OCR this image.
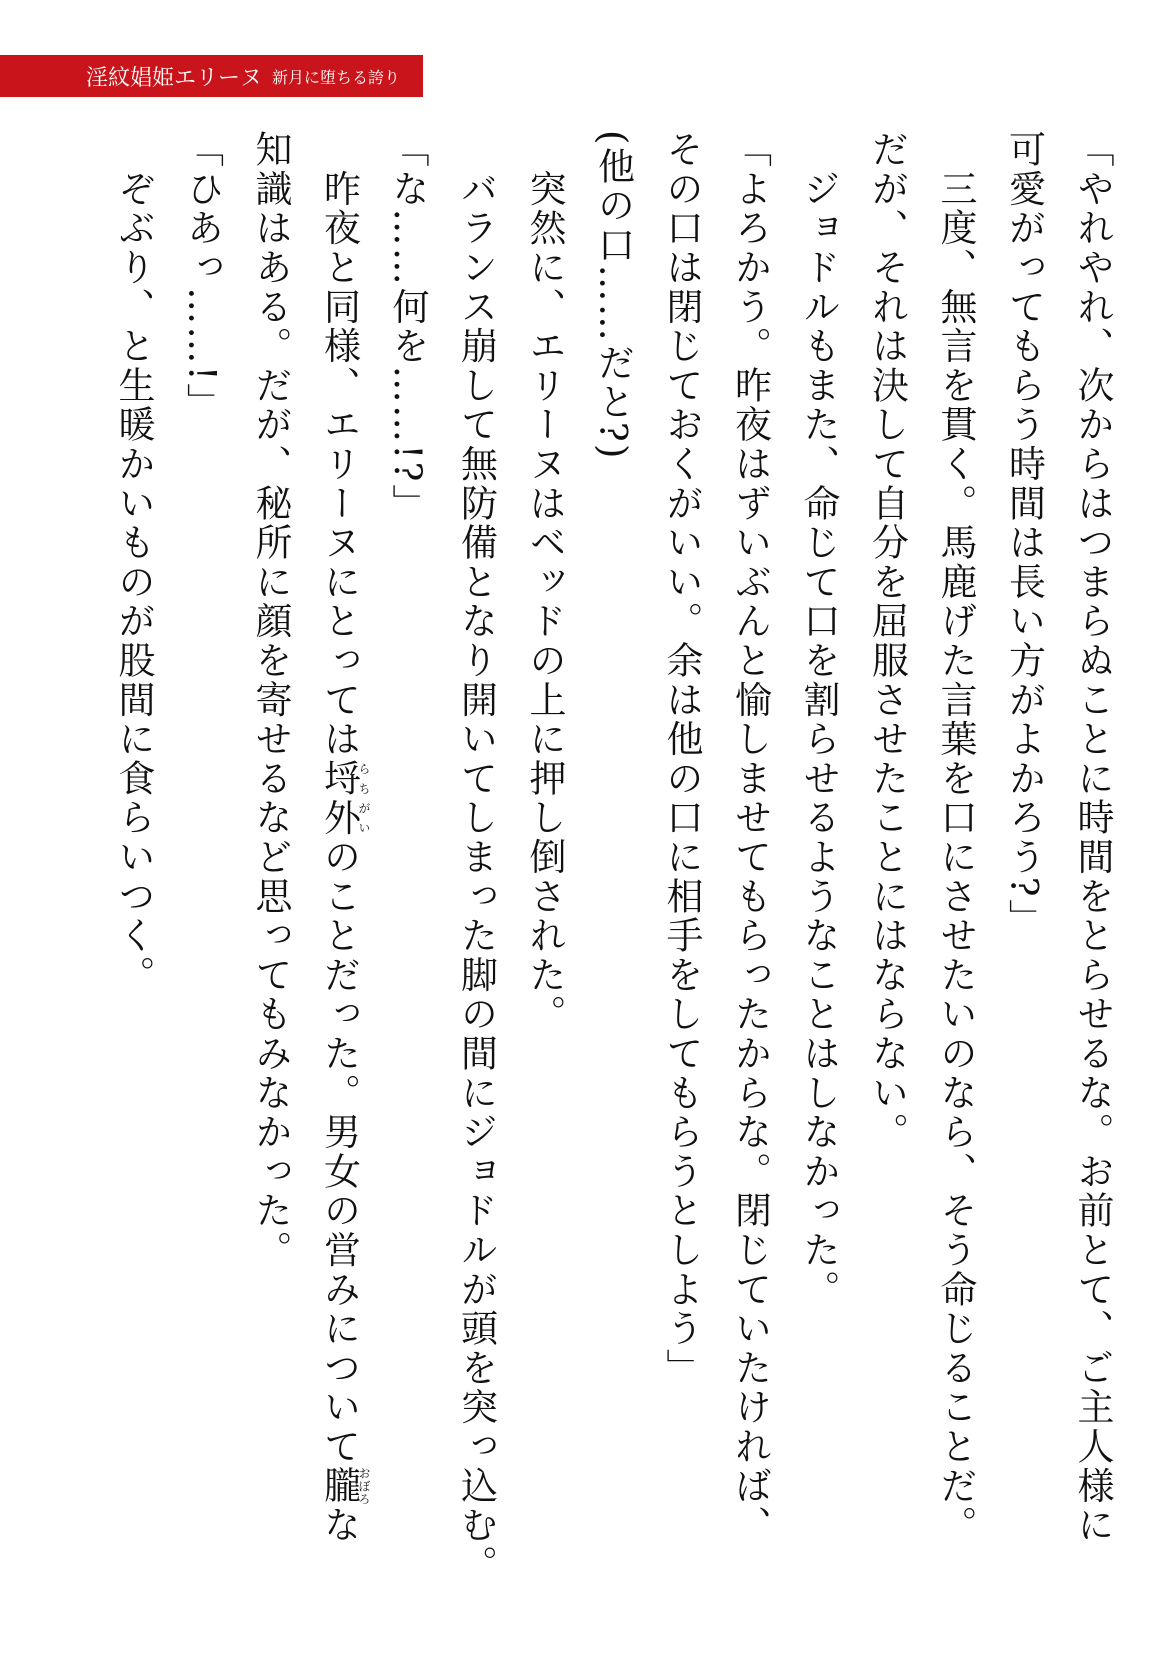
淫紋娼姫エリーヌ 新月に堕ちる誇り

「やれやれ、次からはつまらぬことに時間をとらせるな。お前とて、ご主人様に

可愛がってもらう時間は長い方がよかろう?」

　三度、無言を貫く。馬鹿げた言葉を口にさせたいのなら、そう命じることだ。

だが、それは決して自分を屈服させたことにはならない。

　ジョドルもまた、命じて口を割らせるようなことはしなかった。

「よろかう。昨夜はずいぶんと愉しませてもらったからな。閉じていたければ、

その口は閉じておくがいい。余は他の口に相手をしてもらうとしよう」

(他の口……だと?)

　突然に、エリーヌはベッドの上に押し倒された。

　バランス崩して無防備となり開いてしまった脚の間にジョドルが頭を突っ込む。

「な……何を……!?」

　昨夜と同様、エリーヌにとっては埒外らちがいのことだった。男女の営みについて朧おぼろな

知識はある。だが、秘所に顔を寄せるなど思ってもみなかった。

「ひあっ……!」

　ぞぶり、と生暖かいものが股間に食らいつく。
